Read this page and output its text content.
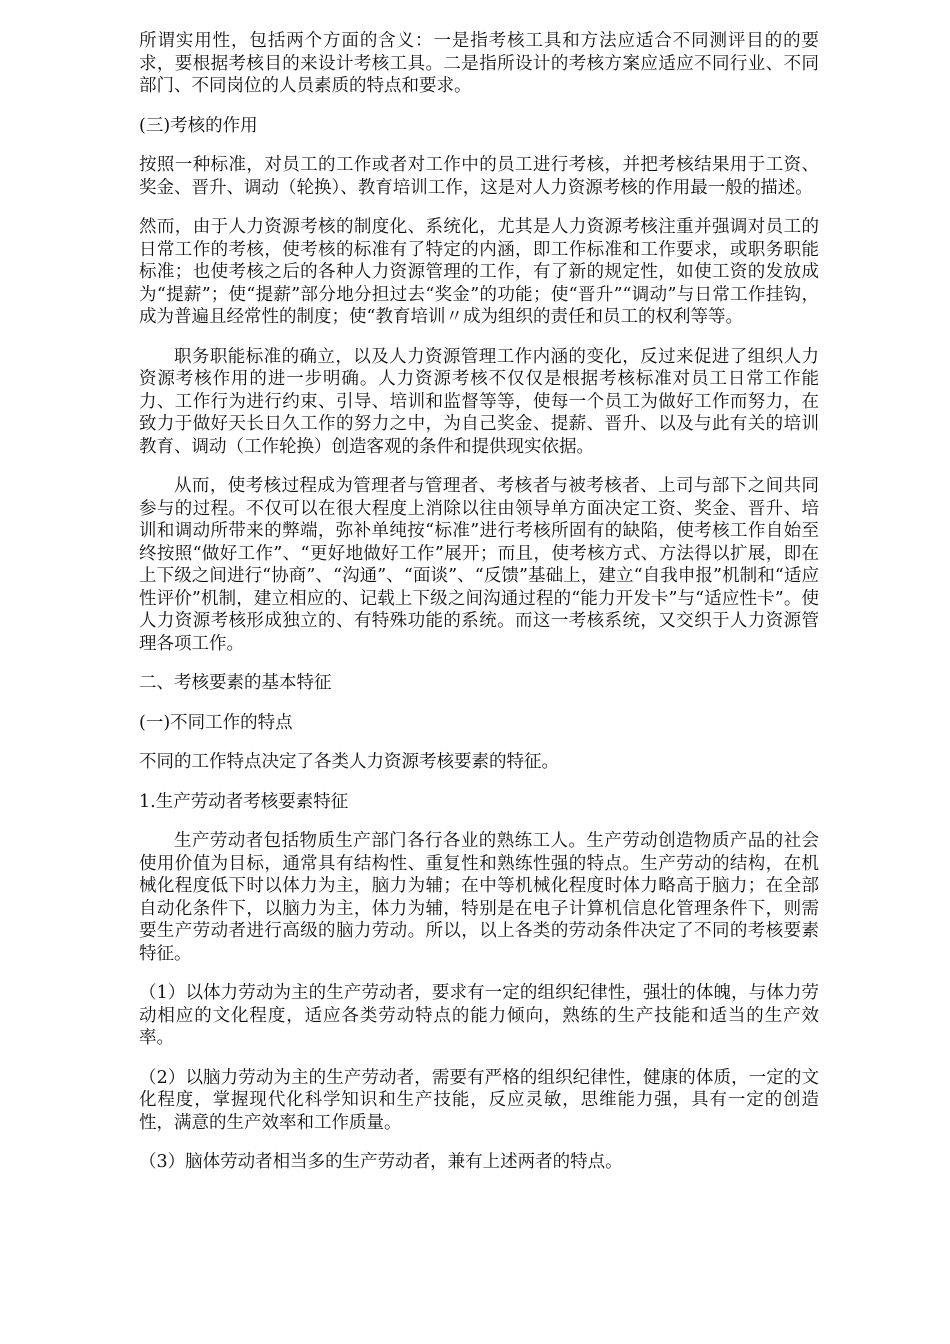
所谓实用性，包括两个方面的含义：一是指考核工具和方法应适合不同测评目的的要求，要根据考核目的来设计考核工具。二是指所设计的考核方案应适应不同行业、不同部门、不同岗位的人员素质的特点和要求。

(三)考核的作用

按照一种标准，对员工的工作或者对工作中的员工进行考核，并把考核结果用于工资、奖金、晋升、调动（轮换）、教育培训工作，这是对人力资源考核的作用最一般的描述。

然而，由于人力资源考核的制度化、系统化，尤其是人力资源考核注重并强调对员工的日常工作的考核，使考核的标准有了特定的内涵，即工作标准和工作要求，或职务职能标准；也使考核之后的各种人力资源管理的工作，有了新的规定性，如使工资的发放成为“提薪”；使“提薪”部分地分担过去“奖金”的功能；使“晋升”“调动”与日常工作挂钩，成为普遍且经常性的制度；使“教育培训〃成为组织的责任和员工的权利等等。

职务职能标准的确立，以及人力资源管理工作内涵的变化，反过来促进了组织人力资源考核作用的进一步明确。人力资源考核不仅仅是根据考核标准对员工日常工作能力、工作行为进行约束、引导、培训和监督等等，使每一个员工为做好工作而努力，在致力于做好天长日久工作的努力之中，为自己奖金、提薪、晋升、以及与此有关的培训教育、调动（工作轮换）创造客观的条件和提供现实依据。

从而，使考核过程成为管理者与管理者、考核者与被考核者、上司与部下之间共同参与的过程。不仅可以在很大程度上消除以往由领导单方面决定工资、奖金、晋升、培训和调动所带来的弊端，弥补单纯按“标准”进行考核所固有的缺陷，使考核工作自始至终按照“做好工作”、“更好地做好工作”展开；而且，使考核方式、方法得以扩展，即在上下级之间进行“协商”、“沟通”、“面谈”、“反馈”基础上，建立“自我申报”机制和“适应性评价”机制，建立相应的、记载上下级之间沟通过程的“能力开发卡”与“适应性卡”。使人力资源考核形成独立的、有特殊功能的系统。而这一考核系统，又交织于人力资源管理各项工作。

二、考核要素的基本特征

(一)不同工作的特点

不同的工作特点决定了各类人力资源考核要素的特征。

1.生产劳动者考核要素特征

生产劳动者包括物质生产部门各行各业的熟练工人。生产劳动创造物质产品的社会使用价值为目标，通常具有结构性、重复性和熟练性强的特点。生产劳动的结构，在机械化程度低下时以体力为主，脑力为辅；在中等机械化程度时体力略高于脑力；在全部自动化条件下，以脑力为主，体力为辅，特别是在电子计算机信息化管理条件下，则需要生产劳动者进行高级的脑力劳动。所以，以上各类的劳动条件决定了不同的考核要素特征。

（1）以体力劳动为主的生产劳动者，要求有一定的组织纪律性，强壮的体魄，与体力劳动相应的文化程度，适应各类劳动特点的能力倾向，熟练的生产技能和适当的生产效率。

（2）以脑力劳动为主的生产劳动者，需要有严格的组织纪律性，健康的体质，一定的文化程度，掌握现代化科学知识和生产技能，反应灵敏，思维能力强，具有一定的创造性，满意的生产效率和工作质量。

（3）脑体劳动者相当多的生产劳动者，兼有上述两者的特点。
